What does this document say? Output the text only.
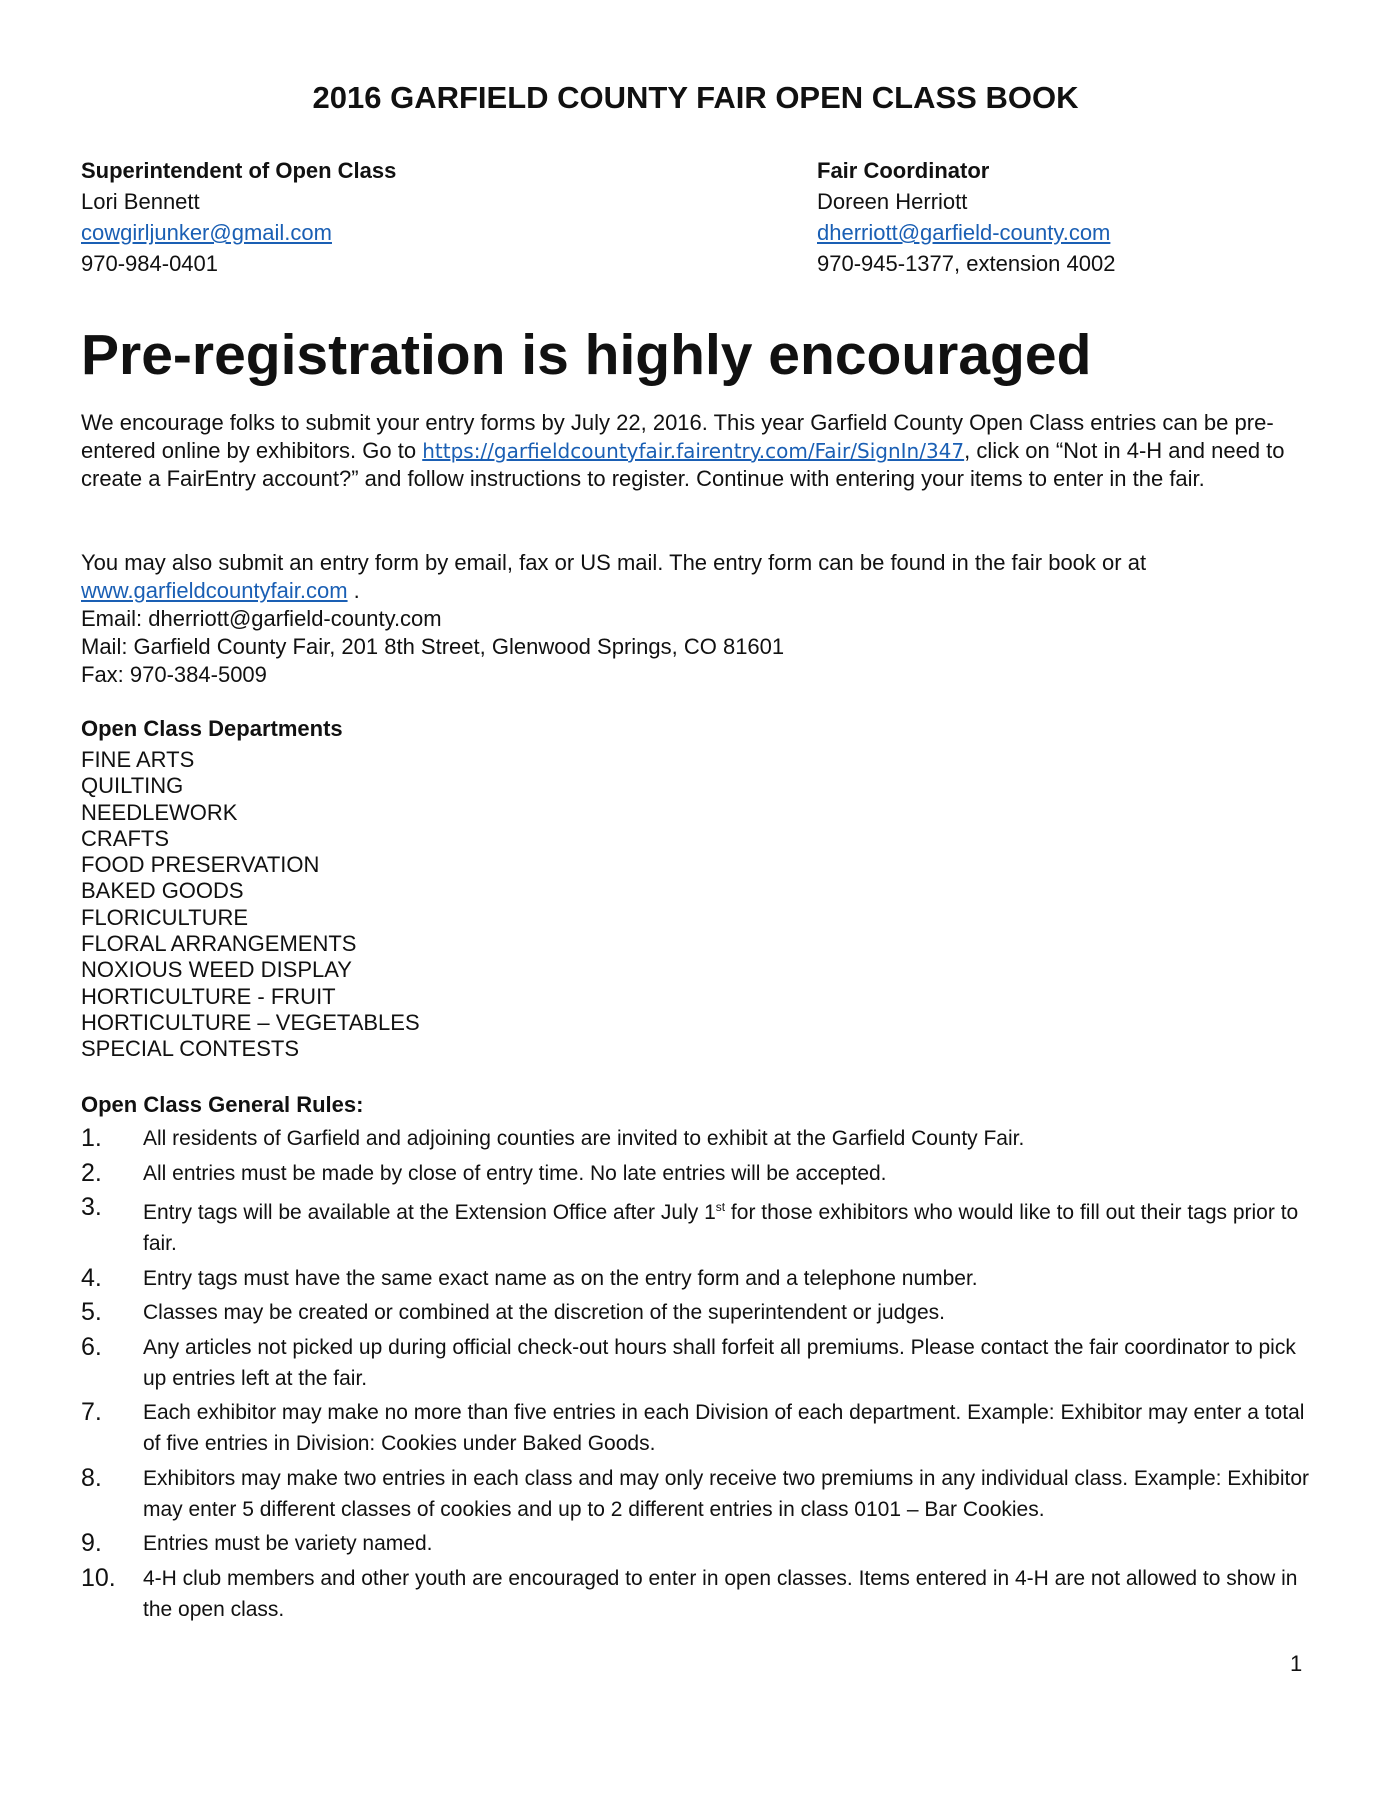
2016 GARFIELD COUNTY FAIR OPEN CLASS BOOK
Superintendent of Open Class
Lori Bennett
cowgirljunker@gmail.com
970-984-0401
Fair Coordinator
Doreen Herriott
dherriott@garfield-county.com
970-945-1377, extension 4002
Pre-registration is highly encouraged
We encourage folks to submit your entry forms by July 22, 2016. This year Garfield County Open Class entries can be pre-entered online by exhibitors. Go to https://garfieldcountyfair.fairentry.com/Fair/SignIn/347, click on “Not in 4-H and need to create a FairEntry account?” and follow instructions to register. Continue with entering your items to enter in the fair.
You may also submit an entry form by email, fax or US mail. The entry form can be found in the fair book or at
www.garfieldcountyfair.com .
Email: dherriott@garfield-county.com
Mail: Garfield County Fair, 201 8th Street, Glenwood Springs, CO 81601
Fax: 970-384-5009
Open Class Departments
FINE ARTS
QUILTING
NEEDLEWORK
CRAFTS
FOOD PRESERVATION
BAKED GOODS
FLORICULTURE
FLORAL ARRANGEMENTS
NOXIOUS WEED DISPLAY
HORTICULTURE - FRUIT
HORTICULTURE – VEGETABLES
SPECIAL CONTESTS
Open Class General Rules:
1.	All residents of Garfield and adjoining counties are invited to exhibit at the Garfield County Fair.
2.	All entries must be made by close of entry time. No late entries will be accepted.
3.	Entry tags will be available at the Extension Office after July 1st for those exhibitors who would like to fill out their tags prior to fair.
4.	Entry tags must have the same exact name as on the entry form and a telephone number.
5.	Classes may be created or combined at the discretion of the superintendent or judges.
6.	Any articles not picked up during official check-out hours shall forfeit all premiums. Please contact the fair coordinator to pick up entries left at the fair.
7.	Each exhibitor may make no more than five entries in each Division of each department. Example: Exhibitor may enter a total of five entries in Division: Cookies under Baked Goods.
8.	Exhibitors may make two entries in each class and may only receive two premiums in any individual class. Example: Exhibitor may enter 5 different classes of cookies and up to 2 different entries in class 0101 – Bar Cookies.
9.	Entries must be variety named.
10.	4-H club members and other youth are encouraged to enter in open classes. Items entered in 4-H are not allowed to show in the open class.
1
